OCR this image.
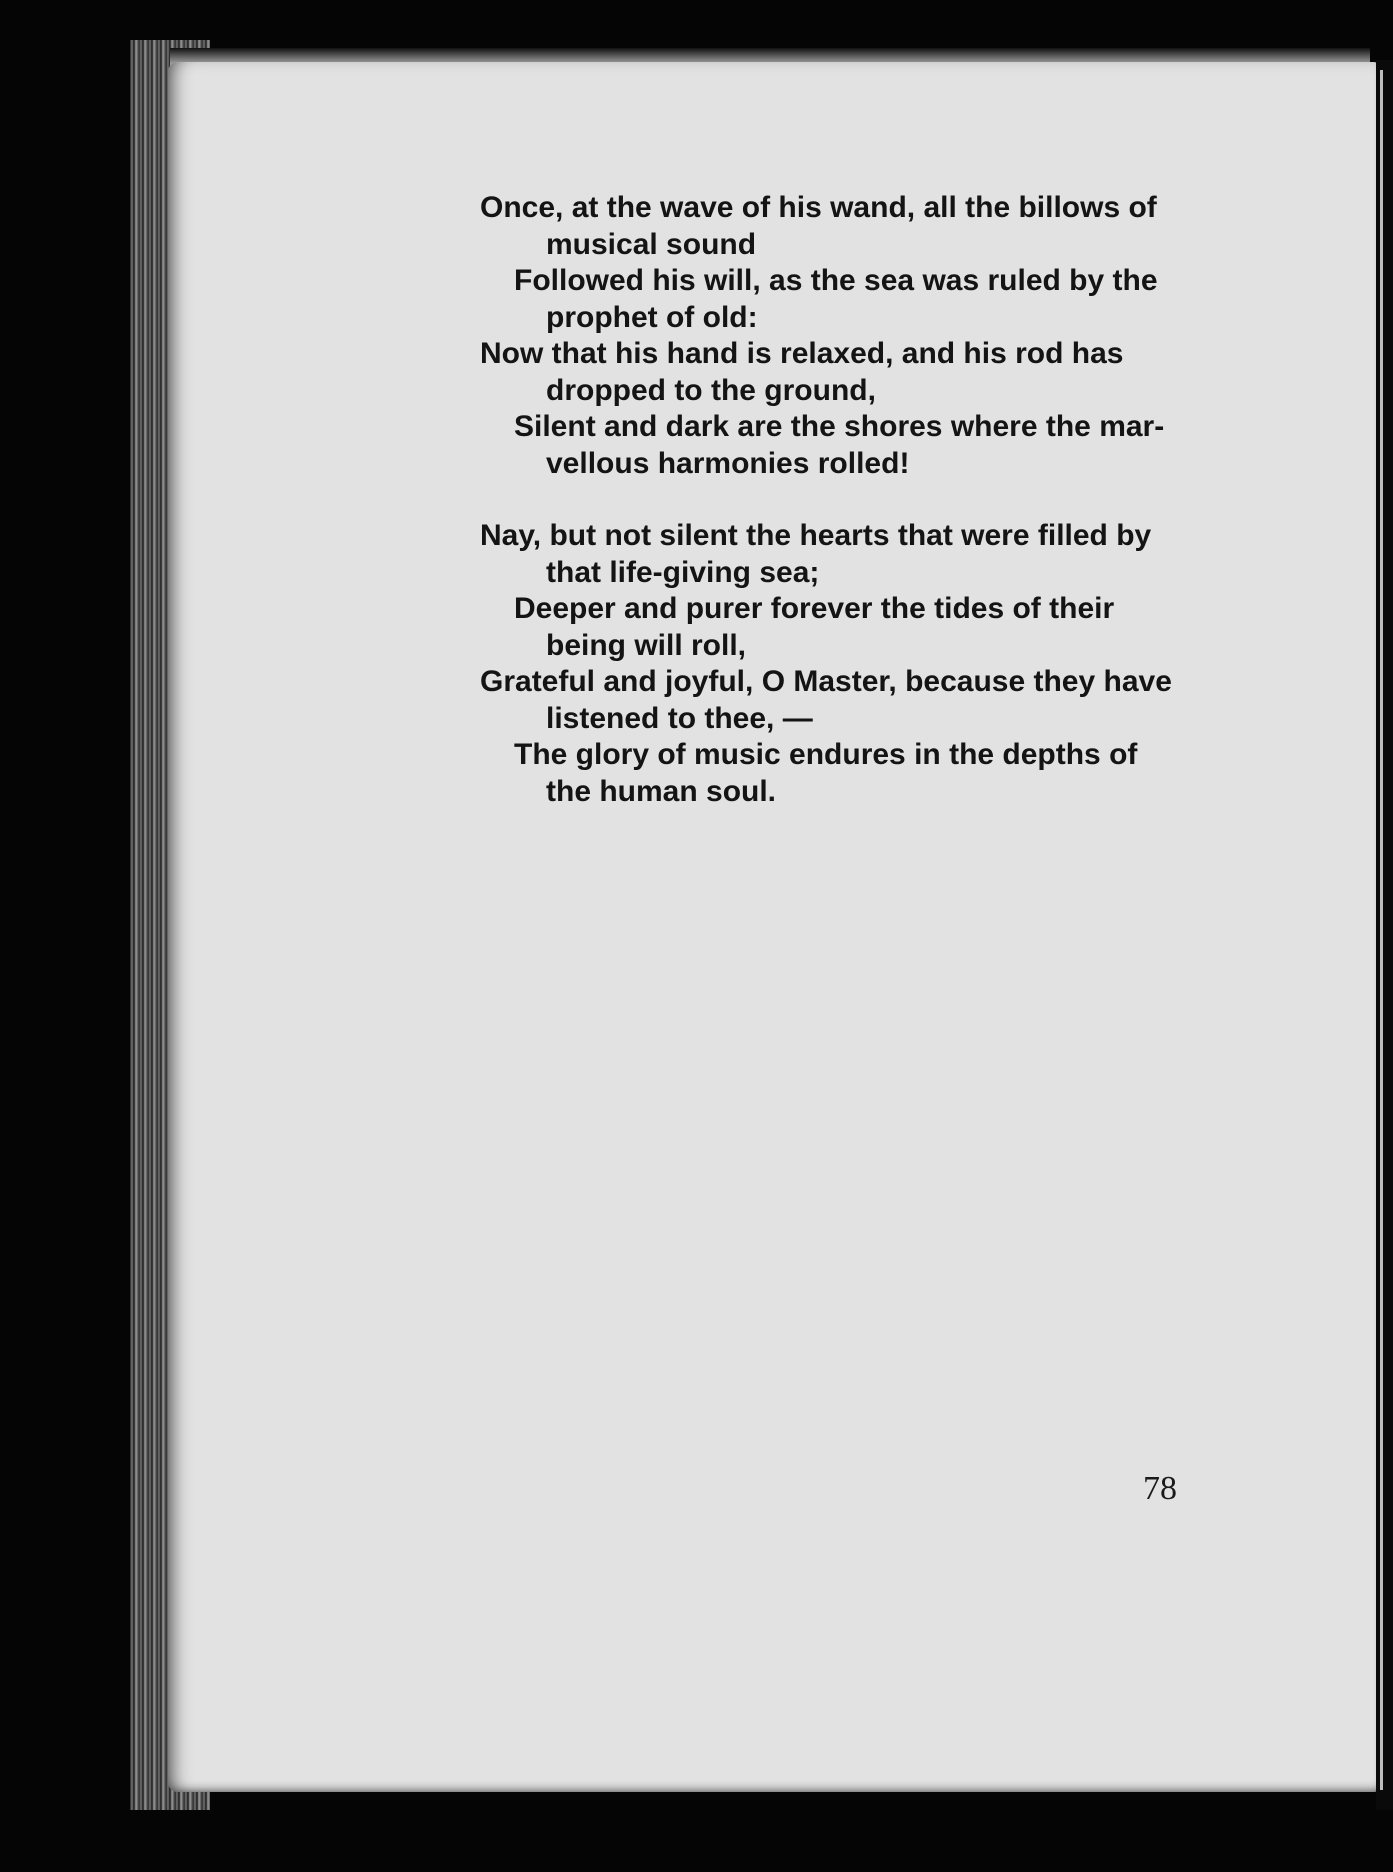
Once, at the wave of his wand, all the billows of
musical sound
Followed his will, as the sea was ruled by the
prophet of old:
Now that his hand is relaxed, and his rod has
dropped to the ground,
Silent and dark are the shores where the mar-
vellous harmonies rolled!
Nay, but not silent the hearts that were filled by
that life-giving sea;
Deeper and purer forever the tides of their
being will roll,
Grateful and joyful, O Master, because they have
listened to thee, —
The glory of music endures in the depths of
the human soul.
78
